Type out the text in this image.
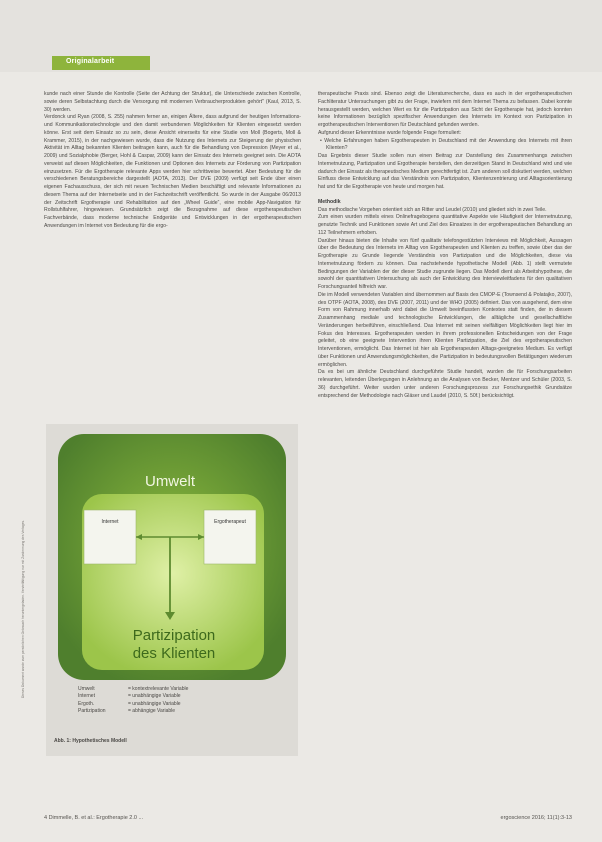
Originalarbeit
Dieses Dokument wurde zum persönlichen Gebrauch heruntergeladen. Vervielfältigung nur mit Zustimmung des Verlages.

kunde nach einer Stunde die Kontrolle (Seite der Achtung der Struktur), die Unterschiede zwischen Kontrolle, sowie deren Selbstachtung durch die Versorgung mit modernen Verbraucherprodukten gehört" (Kaul, 2013, S. 30) werden.

Verdonck und Ryan (2008, S. 255) nahmen ferner an, einigen Ältere, dass aufgrund der heutigen Informations- und Kommunikationstechnologie und den damit verbundenen Möglichkeiten für Klienten eingesetzt werden könne. Erst seit dem Einsatz so zu sein, diese Ansicht einerseits für eine Studie von Moll (Bogerts, Moll & Krammer, 2015), in der nachgewiesen wurde, dass die Nutzung des Internets zur Steigerung der physischen Aktivität im Alltag bekannten Klienten beitragen kann, auch für die Behandlung von Depression (Meyer et al., 2009) und Sozialphobie (Berger, Hohl & Caspar, 2009) kann der Einsatz des Internets geeignet sein. Die AOTA verweist auf diesen Möglichkeiten, die Funktionen und Optionen des Internets zur Förderung von Partizipation einzusetzen. Für die Ergotherapie relevante Apps werden hier schrittweise bewertet. Aber Bedeutung für die verschiedenen Beratungsbereiche dargestellt (AOTA, 2013). Der DVE (2009) verfügt seit Ende über einen eigenen Fachausschuss, der sich mit neuen Technischen Medien beschäftigt und relevante Informationen zu diesem Thema auf der Internetseite und in der Fachzeitschrift veröffentlicht. So wurde in der Ausgabe 06/2013 der Zeitschrift Ergotherapie und Rehabilitation auf den „Wheel Guide“, eine mobile App-Navigation für Rollstuhlfahrer, hingewiesen. Grundsätzlich zeigt die Bezugnahme auf diese ergotherapeutischen Fachverbände, dass moderne technische Endgeräte und Entwicklungen in der ergotherapeutischen Anwendungen im Internet von Bedeutung für die ergo-

therapeutische Praxis sind. Ebenso zeigt die Literaturrecherche, dass es auch in der ergotherapeutischen Fachliteratur Untersuchungen gibt zu der Frage, inwiefern mit dem Internet Thema zu befassen. Dabei konnte herausgestellt werden, welchen Wert es für die Partizipation aus Sicht der Ergotherapie hat, jedoch konnten keine Informationen bezüglich spezifischer Anwendungen des Internets im Kontext von Partizipation in ergotherapeutischen Interventionen für Deutschland gefunden werden.

Aufgrund dieser Erkenntnisse wurde folgende Frage formuliert:

• Welche Erfahrungen haben Ergotherapeuten in Deutschland mit der Anwendung des Internets mit ihren Klienten?

Das Ergebnis dieser Studie sollen nun einen Beitrag zur Darstellung des Zusammenhangs zwischen Internetnutzung, Partizipation und Ergotherapie herstellen, den derzeitigen Stand in Deutschland wird und wie dadurch der Einsatz als therapeutisches Medium gerechtfertigt ist. Zum anderen soll diskutiert werden, welchen Einfluss diese Entwicklung auf das Verständnis von Partizipation, Klientenzentrierung und Alltagsorientierung hat und für die Ergotherapie von heute und morgen hat.

Methodik

Das methodische Vorgehen orientiert sich an Ritter und Leudel (2010) und gliedert sich in zwei Teile.

Zum einen wurden mittels eines Onlinefragebogens quantitative Aspekte wie Häufigkeit der Internetnutzung, genutzte Technik und Funktionen sowie Art und Ziel des Einsatzes in der ergotherapeutischen Behandlung an 112 Teilnehmern erhoben.

Darüber hinaus bieten die Inhalte von fünf qualitativ telefongestützten Interviews mit Möglichkeit, Aussagen über die Bedeutung des Internets im Alltag von Ergotherapeuten und Klienten zu treffen, sowie über das der Ergotherapie zu Grunde liegende Verständnis von Partizipation und die Möglichkeiten, diese via Internetnutzung fördern zu können. Das nachstehende hypothetische Modell (Abb. 1) stellt vermutete Bedingungen der Variablen der der dieser Studie zugrunde liegen. Das Modell dient als Arbeitshypothese, die sowohl der quantitativen Untersuchung als auch der Entwicklung des Interviewleitfadens für den qualitativen Forschungsanteil hilfreich war.

Die im Modell verwendeten Variablen sind übernommen auf Basis des CMOP-E (Townsend & Polatajko, 2007), des OTPF (AOTA, 2008), des DVE (2007, 2011) und der WHO (2005) definiert. Das von ausgehend, dem eine Form von Rahmung innerhalb wird dabei die Umwelt beeinflussten Kontextes statt finden, der in diesem Zusammenhang mediale und technologische Entwicklungen, die alltägliche und gesellschaftliche Veränderungen herbeiführen, einschließend. Das Internet mit seinen vielfältigen Möglichkeiten liegt hier im Fokus des Interesses. Ergotherapeuten werden in ihrem professionellen Entscheidungen von der Frage geleitet, ob eine geeignete Intervention ihren Klienten Partizipation, die Ziel des ergotherapeutischen Interventionen, ermöglicht. Das Internet ist hier als Ergotherapeuten Alltags-geeignetes Medium. Es verfügt über Funktionen und Anwendungsmöglichkeiten, die Partizipation in bedeutungsvollen Betätigungen wiederum ermöglichen.

Da es bei um ähnliche Deutschland durchgeführte Studie handelt, wurden die für Forschungsarbeiten relevanten, leitenden Überlegungen in Anlehnung an die Analysen von Becker, Mentzer und Schüler (2003, S. 36) durchgeführt. Weiter wurden unter anderen Forschungsprozess zur Forschungsethik Grundsätze entsprechend der Methodologie nach Gläser und Laudel (2010, S. 50f.) berücksichtigt.

Umwelt
Internet	Ergotherapeut
Partizipation
des Klienten
Umwelt	= kontextrelevante Variable
Internet	= unabhängige Variable
Ergoth.	= unabhängige Variable
Partizipation	= abhängige Variable
Abb. 1: Hypothetisches Modell
4 Dimmelle, B. et al.: Ergotherapie 2.0 ...	ergoscience 2016; 11(1):3-13
